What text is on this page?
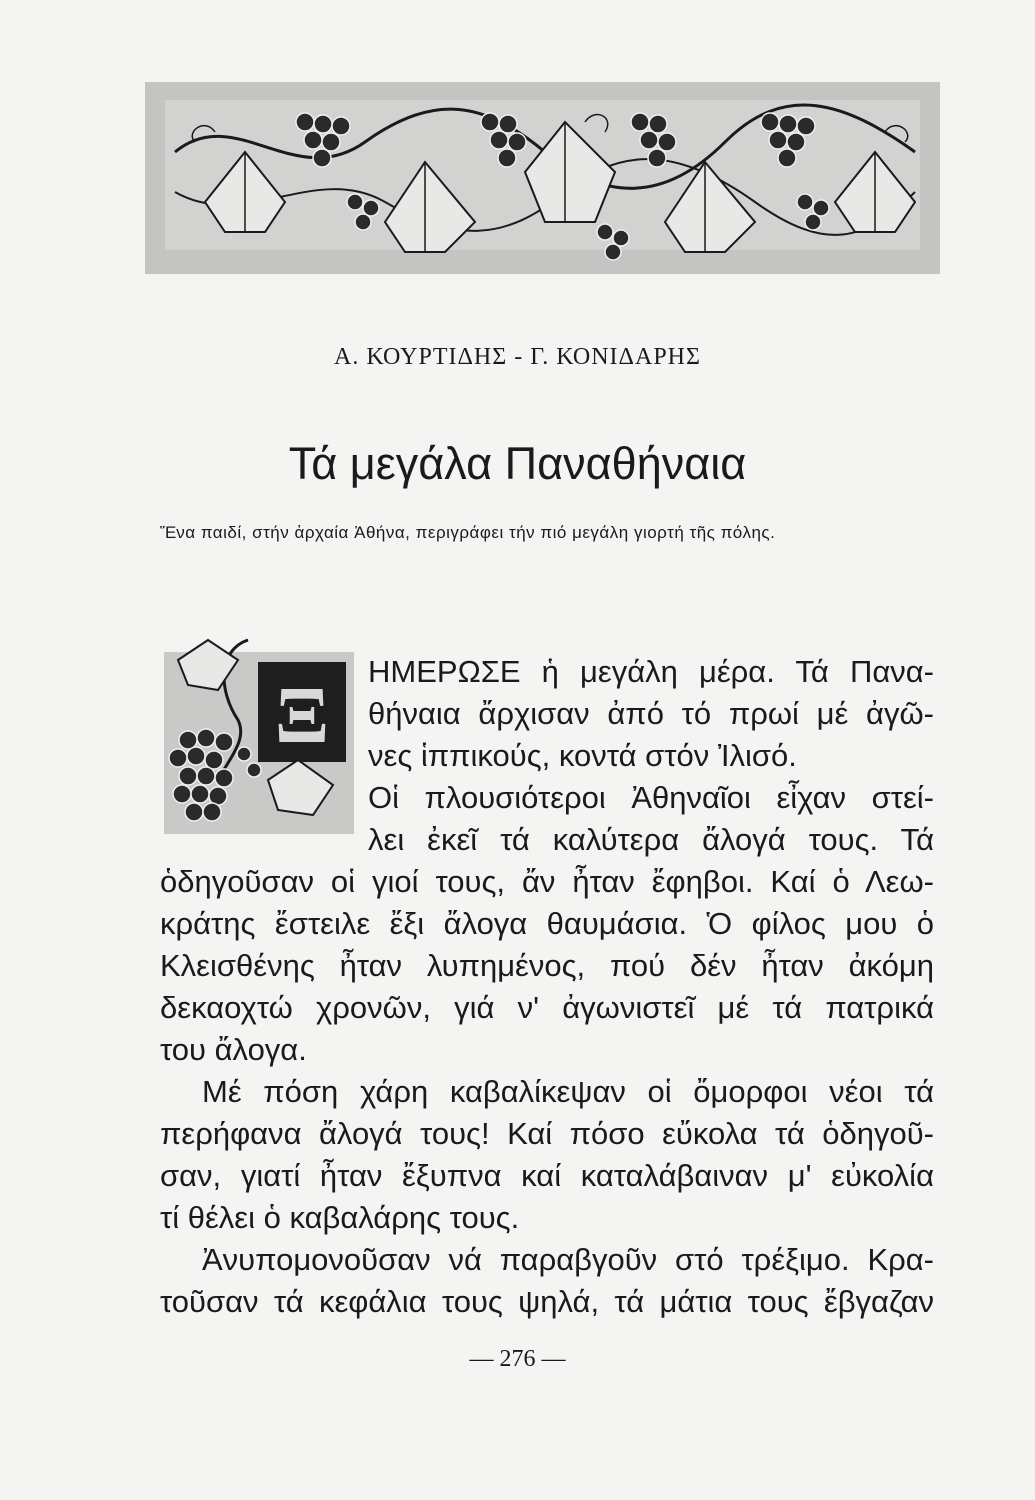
Α. ΚΟΥΡΤΙΔΗΣ - Γ. ΚΟΝΙΔΑΡΗΣ
Τά μεγάλα Παναθήναια
Ἕνα παιδί, στήν ἀρχαία Ἀθήνα, περιγράφει τήν πιό μεγάλη γιορτή τῆς πόλης.
Ξ
ΗΜΕΡΩΣΕ ἡ μεγάλη μέρα. Τά Πανα-
θήναια ἄρχισαν ἀπό τό πρωί μέ ἀγῶ-
νες ἱππικούς, κοντά στόν Ἰλισό.
Οἱ πλουσιότεροι Ἀθηναῖοι εἶχαν στεί-
λει ἐκεῖ τά καλύτερα ἄλογά τους. Τά
ὁδηγοῦσαν οἱ γιοί τους, ἄν ἦταν ἔφηβοι. Καί ὁ Λεω-
κράτης ἔστειλε ἔξι ἄλογα θαυμάσια. Ὁ φίλος μου ὁ
Κλεισθένης ἦταν λυπημένος, πού δέν ἦταν ἀκόμη
δεκαοχτώ χρονῶν, γιά ν' ἀγωνιστεῖ μέ τά πατρικά
του ἄλογα.
Μέ πόση χάρη καβαλίκεψαν οἱ ὄμορφοι νέοι τά
περήφανα ἄλογά τους! Καί πόσο εὔκολα τά ὁδηγοῦ-
σαν, γιατί ἦταν ἔξυπνα καί καταλάβαιναν μ' εὐκολία
τί θέλει ὁ καβαλάρης τους.
Ἀνυπομονοῦσαν νά παραβγοῦν στό τρέξιμο. Κρα-
τοῦσαν τά κεφάλια τους ψηλά, τά μάτια τους ἔβγαζαν
— 276 —
